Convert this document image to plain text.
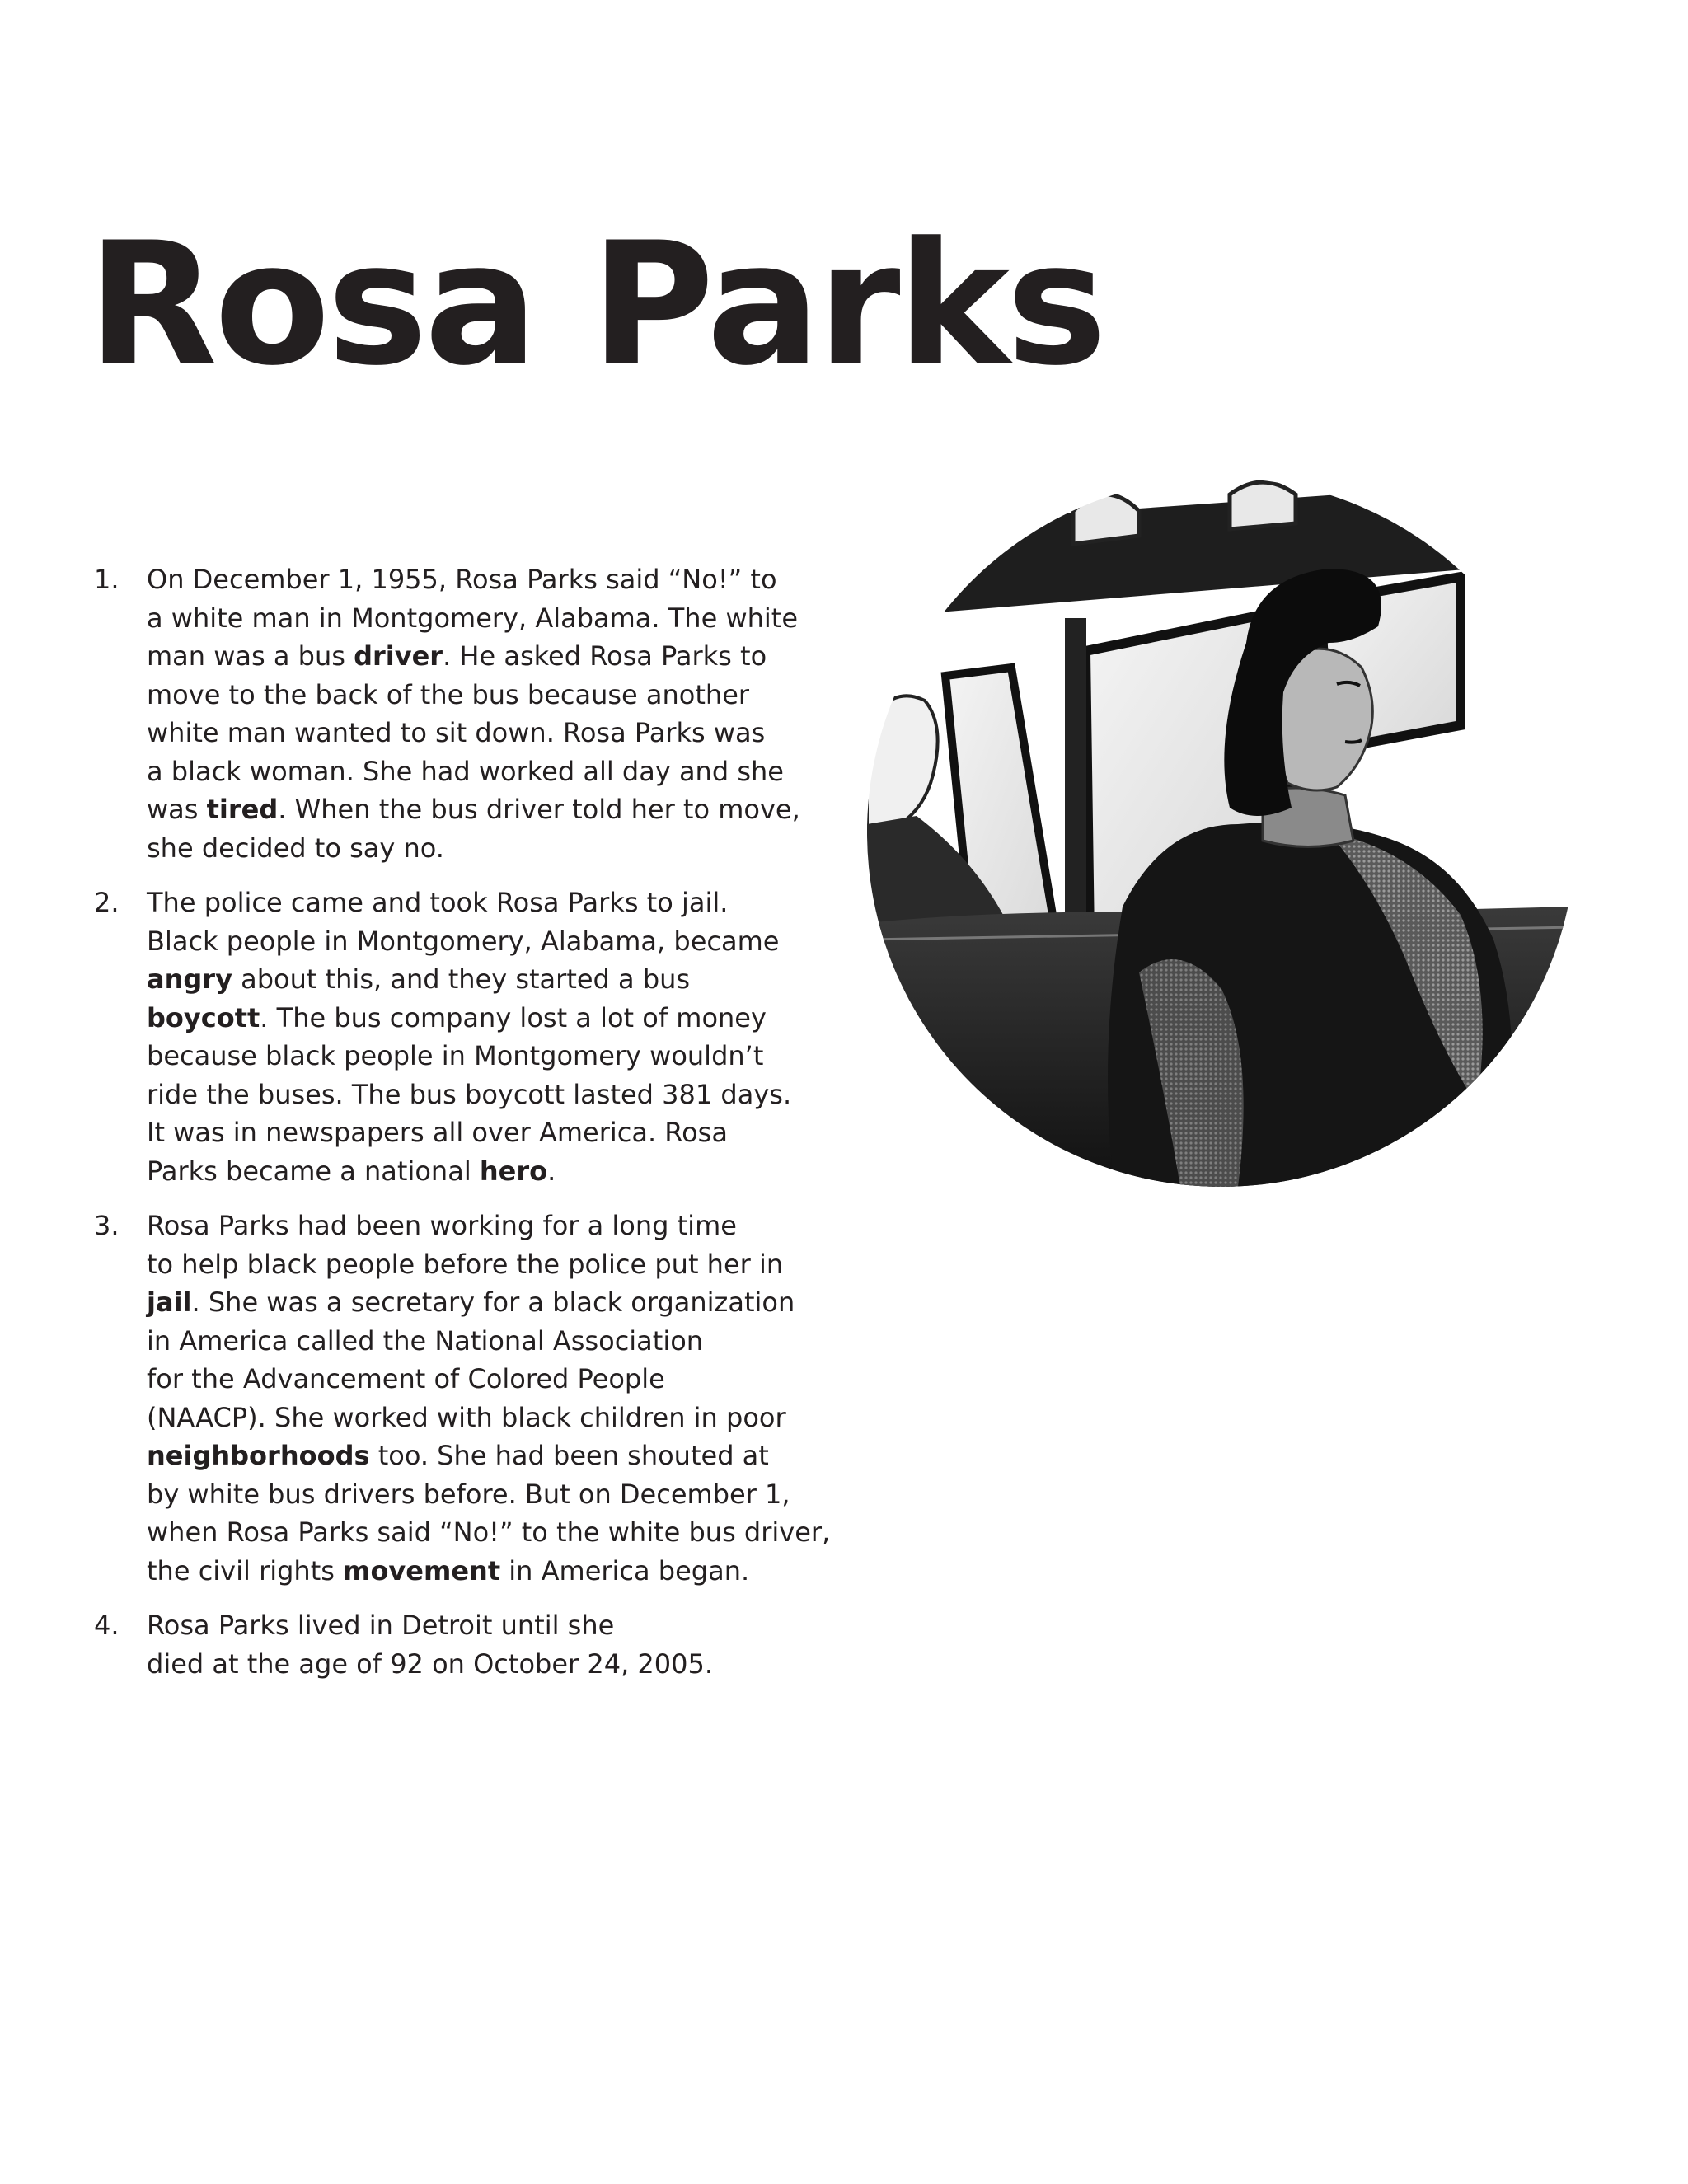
Rosa Parks
1. On December 1, 1955, Rosa Parks said “No!” to
a white man in Montgomery, Alabama. The white
man was a bus driver. He asked Rosa Parks to
move to the back of the bus because another
white man wanted to sit down. Rosa Parks was
a black woman. She had worked all day and she
was tired. When the bus driver told her to move,
she decided to say no.
2. The police came and took Rosa Parks to jail.
Black people in Montgomery, Alabama, became
angry about this, and they started a bus
boycott. The bus company lost a lot of money
because black people in Montgomery wouldn’t
ride the buses. The bus boycott lasted 381 days.
It was in newspapers all over America. Rosa
Parks became a national hero.
3. Rosa Parks had been working for a long time
to help black people before the police put her in
jail. She was a secretary for a black organization
in America called the National Association
for the Advancement of Colored People
(NAACP). She worked with black children in poor
neighborhoods too. She had been shouted at
by white bus drivers before. But on December 1,
when Rosa Parks said “No!” to the white bus driver,
the civil rights movement in America began.
4. Rosa Parks lived in Detroit until she
died at the age of 92 on October 24, 2005.
